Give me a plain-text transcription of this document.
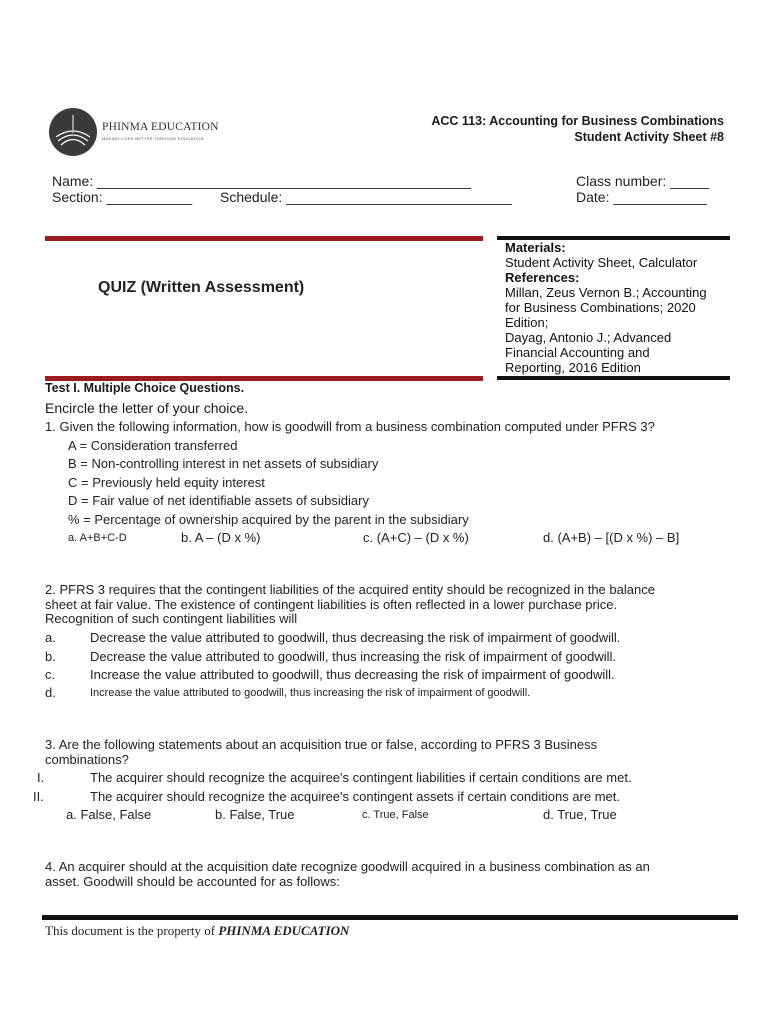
PHINMA EDUCATION
MAKING LIVES BETTER THROUGH EDUCATION
ACC 113: Accounting for Business Combinations
Student Activity Sheet #8
Name: ________________________________________________	Class number: _____
Section: ___________ Schedule: _____________________________	Date: ____________
QUIZ (Written Assessment)
Materials:
Student Activity Sheet, Calculator
References:
Millan, Zeus Vernon B.; Accounting
for Business Combinations; 2020
Edition;
Dayag, Antonio J.; Advanced
Financial Accounting and
Reporting, 2016 Edition
Test I. Multiple Choice Questions.
Encircle the letter of your choice.
1. Given the following information, how is goodwill from a business combination computed under PFRS 3?
A = Consideration transferred
B = Non-controlling interest in net assets of subsidiary
C = Previously held equity interest
D = Fair value of net identifiable assets of subsidiary
% = Percentage of ownership acquired by the parent in the subsidiary
a. A+B+C-D	b. A – (D x %)	c. (A+C) – (D x %)	d. (A+B) – [(D x %) – B]
2. PFRS 3 requires that the contingent liabilities of the acquired entity should be recognized in the balance
sheet at fair value. The existence of contingent liabilities is often reflected in a lower purchase price.
Recognition of such contingent liabilities will
a.	Decrease the value attributed to goodwill, thus decreasing the risk of impairment of goodwill.
b.	Decrease the value attributed to goodwill, thus increasing the risk of impairment of goodwill.
c.	Increase the value attributed to goodwill, thus decreasing the risk of impairment of goodwill.
d.	Increase the value attributed to goodwill, thus increasing the risk of impairment of goodwill.
3. Are the following statements about an acquisition true or false, according to PFRS 3 Business
combinations?
I.	The acquirer should recognize the acquiree's contingent liabilities if certain conditions are met.
II.	The acquirer should recognize the acquiree's contingent assets if certain conditions are met.
a. False, False	b. False, True	c. True, False	d. True, True
4. An acquirer should at the acquisition date recognize goodwill acquired in a business combination as an
asset. Goodwill should be accounted for as follows:
This document is the property of PHINMA EDUCATION
